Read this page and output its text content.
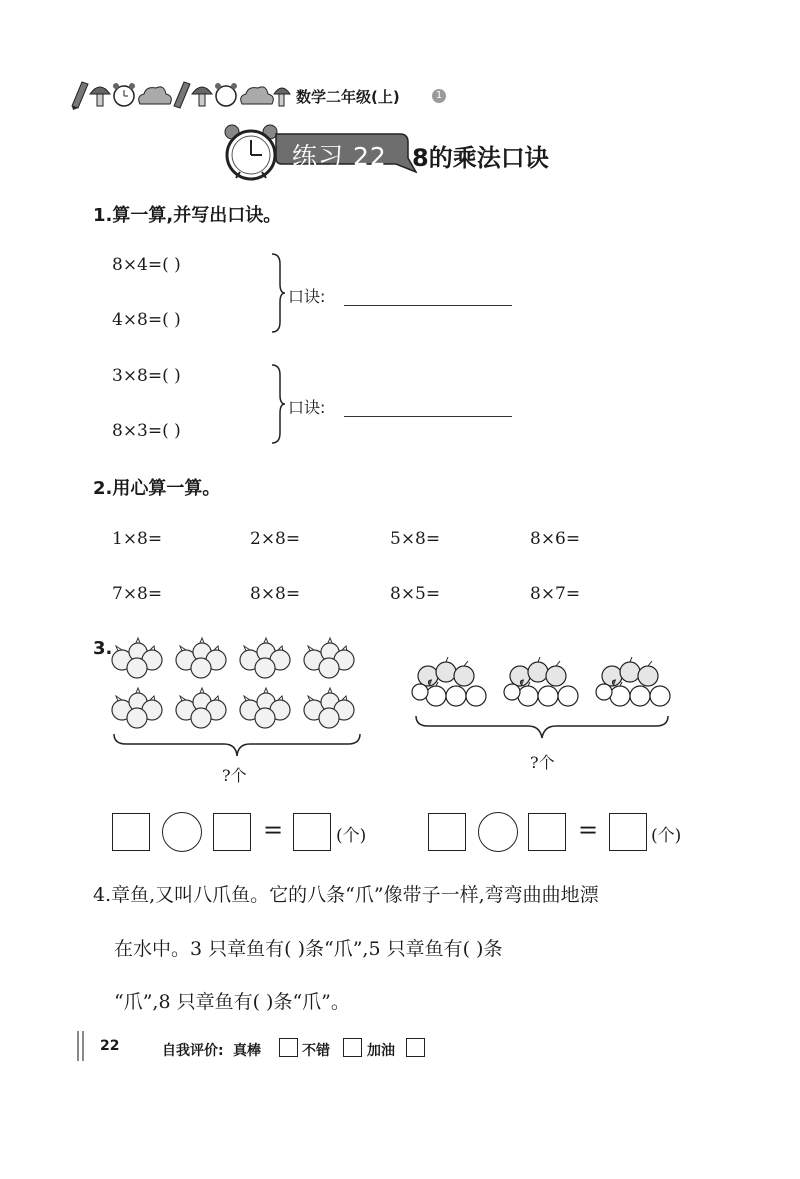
数学二年级(上)	1
练习 22 8的乘法口诀
1.算一算,并写出口诀。
8×4=( )
4×8=( )
口诀:
3×8=( )
8×3=( )
口诀:
2.用心算一算。
1×8=	2×8=	5×8=	8×6=
7×8=	8×8=	8×5=	8×7=
3.
?个
?个
=	(个)	=	(个)
4.章鱼,又叫八爪鱼。它的八条“爪”像带子一样,弯弯曲曲地漂
在水中。3 只章鱼有( )条“爪”,5 只章鱼有( )条
“爪”,8 只章鱼有( )条“爪”。
22	自我评价: 真棒	不错	加油
